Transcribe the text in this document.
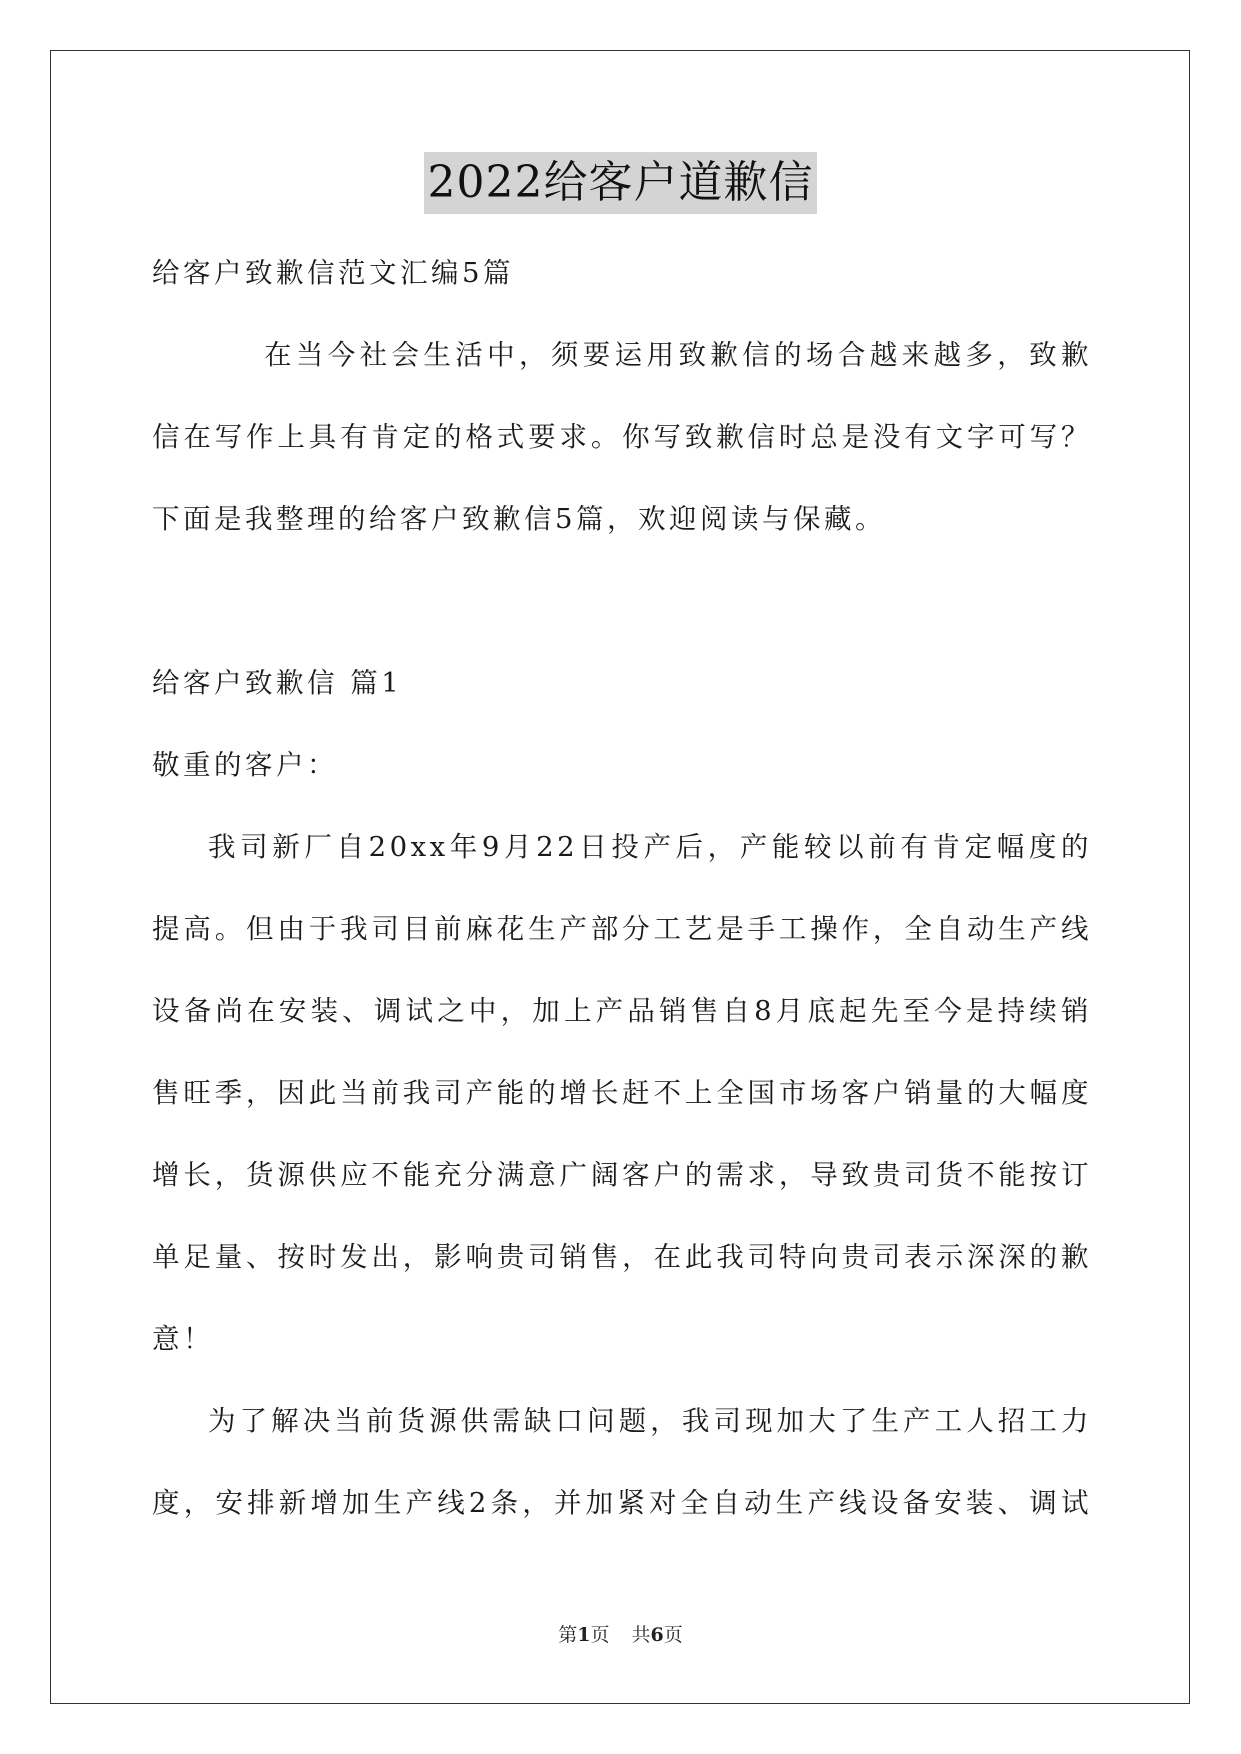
2022给客户道歉信
给客户致歉信范文汇编5篇
在当今社会生活中，须要运用致歉信的场合越来越多，致歉
信在写作上具有肯定的格式要求。你写致歉信时总是没有文字可写？
下面是我整理的给客户致歉信5篇，欢迎阅读与保藏。
给客户致歉信 篇1
敬重的客户：
我司新厂自20xx年9月22日投产后，产能较以前有肯定幅度的
提高。但由于我司目前麻花生产部分工艺是手工操作，全自动生产线
设备尚在安装、调试之中，加上产品销售自8月底起先至今是持续销
售旺季，因此当前我司产能的增长赶不上全国市场客户销量的大幅度
增长，货源供应不能充分满意广阔客户的需求，导致贵司货不能按订
单足量、按时发出，影响贵司销售，在此我司特向贵司表示深深的歉
意！
为了解决当前货源供需缺口问题，我司现加大了生产工人招工力
度，安排新增加生产线2条，并加紧对全自动生产线设备安装、调试
第1页 共6页
